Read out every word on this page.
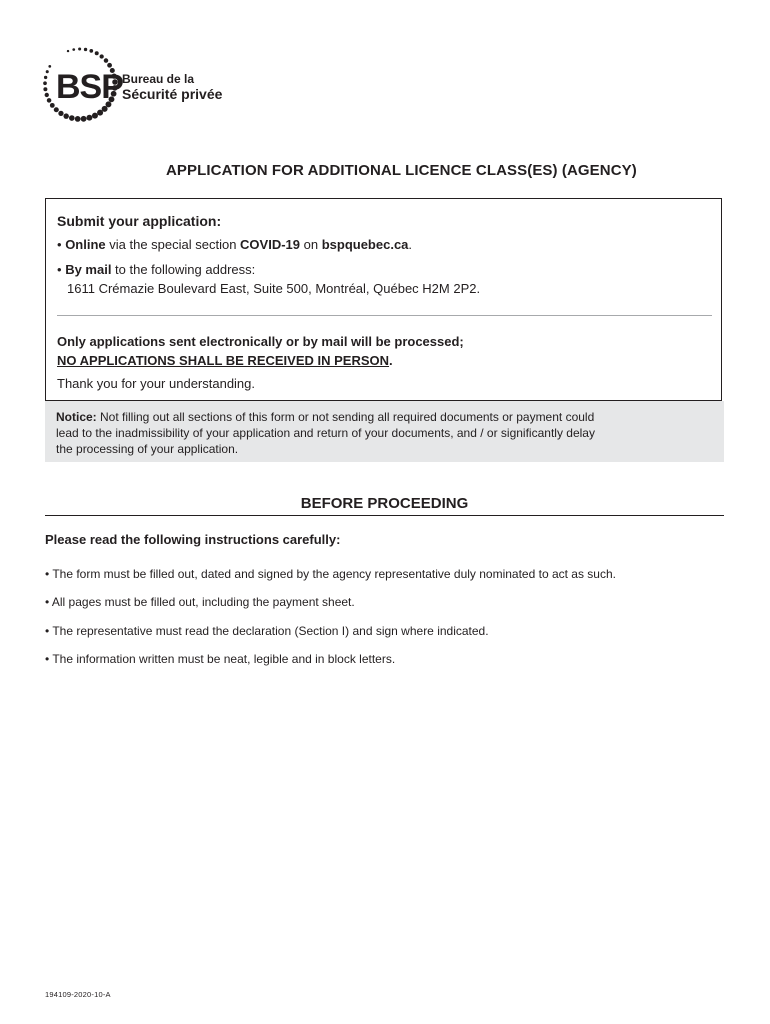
BSP Bureau de la
Sécurité privée
APPLICATION FOR ADDITIONAL LICENCE CLASS(ES) (AGENCY)
Submit your application:
• Online via the special section COVID-19 on bspquebec.ca.
• By mail to the following address:
1611 Crémazie Boulevard East, Suite 500, Montréal, Québec H2M 2P2.
Only applications sent electronically or by mail will be processed;
NO APPLICATIONS SHALL BE RECEIVED IN PERSON.
Thank you for your understanding.
Notice: Not filling out all sections of this form or not sending all required documents or payment could
lead to the inadmissibility of your application and return of your documents, and / or significantly delay
the processing of your application.
BEFORE PROCEEDING
Please read the following instructions carefully:
• The form must be filled out, dated and signed by the agency representative duly nominated to act as such.
• All pages must be filled out, including the payment sheet.
• The representative must read the declaration (Section I) and sign where indicated.
• The information written must be neat, legible and in block letters.
194109-2020-10-A
